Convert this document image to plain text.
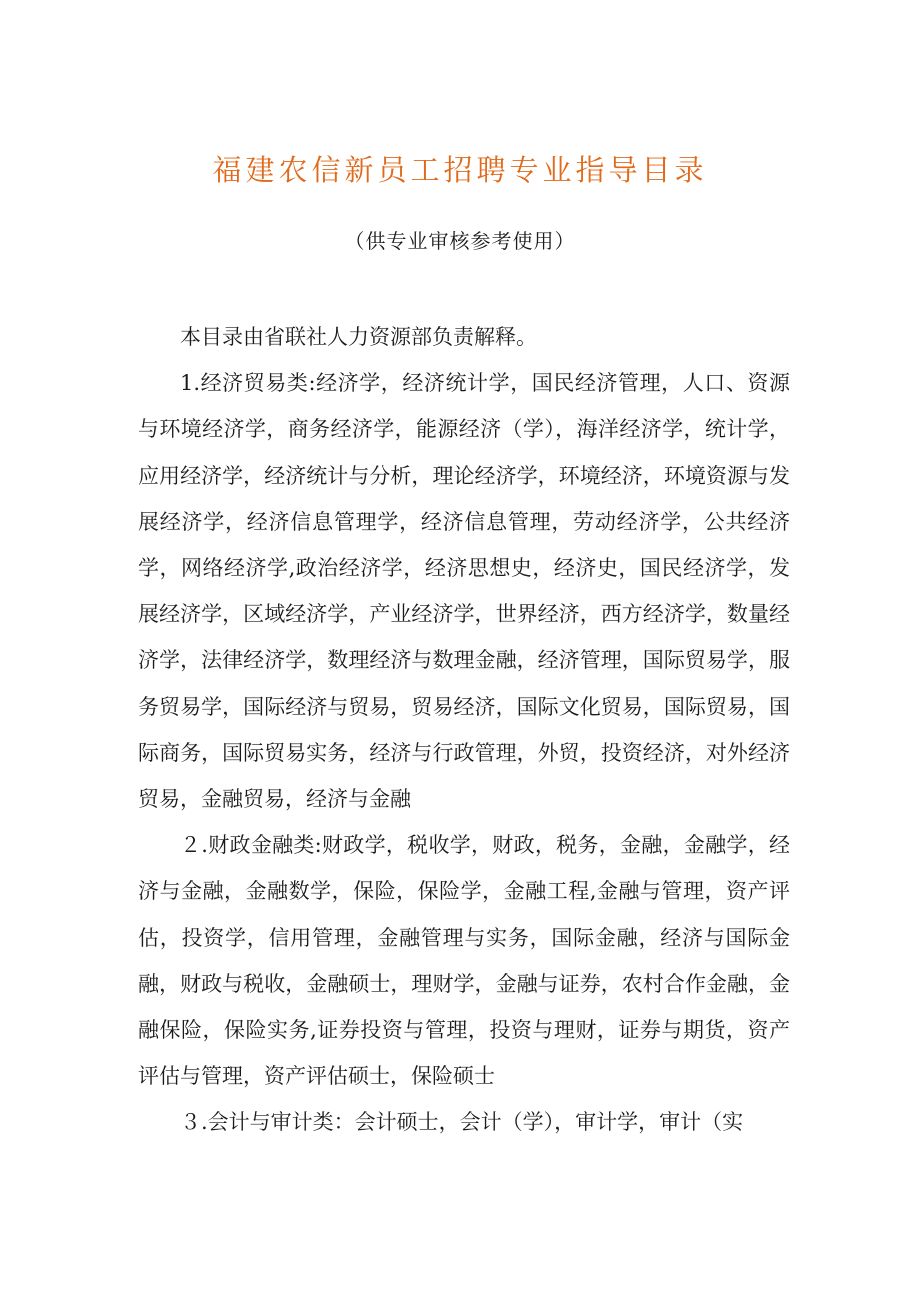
福建农信新员工招聘专业指导目录
（供专业审核参考使用）

本目录由省联社人力资源部负责解释。

1.经济贸易类:经济学，经济统计学，国民经济管理，人口、资源与环境经济学，商务经济学，能源经济（学），海洋经济学，统计学，应用经济学，经济统计与分析，理论经济学，环境经济，环境资源与发展经济学，经济信息管理学，经济信息管理，劳动经济学，公共经济学，网络经济学,政治经济学，经济思想史，经济史，国民经济学，发展经济学，区域经济学，产业经济学，世界经济，西方经济学，数量经济学，法律经济学，数理经济与数理金融，经济管理，国际贸易学，服务贸易学，国际经济与贸易，贸易经济，国际文化贸易，国际贸易，国际商务，国际贸易实务，经济与行政管理，外贸，投资经济，对外经济贸易，金融贸易，经济与金融

２.财政金融类:财政学，税收学，财政，税务，金融，金融学，经济与金融，金融数学，保险，保险学，金融工程,金融与管理，资产评估，投资学，信用管理，金融管理与实务，国际金融，经济与国际金融，财政与税收，金融硕士，理财学，金融与证券，农村合作金融，金融保险，保险实务,证券投资与管理，投资与理财，证券与期货，资产评估与管理，资产评估硕士，保险硕士

３.会计与审计类：会计硕士，会计（学），审计学，审计（实
